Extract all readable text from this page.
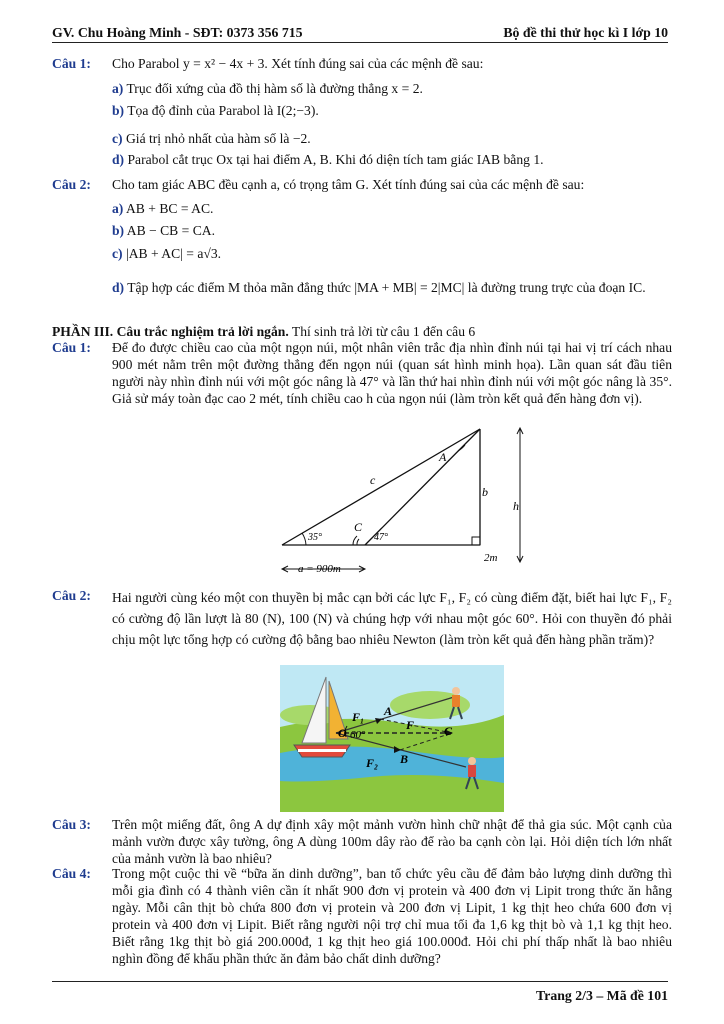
GV. Chu Hoàng Minh - SĐT: 0373 356 715	Bộ đề thi thử học kì I lớp 10
Câu 1:	Cho Parabol y = x² − 4x + 3. Xét tính đúng sai của các mệnh đề sau:
a) Trục đối xứng của đồ thị hàm số là đường thẳng x = 2.
b) Tọa độ đỉnh của Parabol là I(2;−3).
c) Giá trị nhỏ nhất của hàm số là −2.
d) Parabol cắt trục Ox tại hai điểm A, B. Khi đó diện tích tam giác IAB bằng 1.
Câu 2:	Cho tam giác ABC đều cạnh a, có trọng tâm G. Xét tính đúng sai của các mệnh đề sau:
a) AB + BC = AC.
b) AB − CB = CA.
c) |AB + AC| = a√3.
d) Tập hợp các điểm M thỏa mãn đẳng thức |MA + MB| = 2|MC| là đường trung trực của đoạn IC.
PHẦN III. Câu trắc nghiệm trả lời ngắn. Thí sinh trả lời từ câu 1 đến câu 6
Câu 1:	Để đo được chiều cao của một ngọn núi, một nhân viên trắc địa nhìn đỉnh núi tại hai vị trí cách nhau 900 mét nằm trên một đường thẳng đến ngọn núi (quan sát hình minh họa). Lần quan sát đầu tiên người này nhìn đỉnh núi với một góc nâng là 47° và lần thứ hai nhìn đỉnh núi với một góc nâng là 35°. Giả sử máy toàn đạc cao 2 mét, tính chiều cao h của ngọn núi (làm tròn kết quả đến hàng đơn vị).
c
A
b
h
C
35°	47°
a = 900m
2m
Câu 2:	Hai người cùng kéo một con thuyền bị mắc cạn bởi các lực F₁, F₂ có cùng điểm đặt, biết hai lực F₁, F₂ có cường độ lần lượt là 80 (N), 100 (N) và chúng hợp với nhau một góc 60°. Hỏi con thuyền đó phải chịu một lực tổng hợp có cường độ bằng bao nhiêu Newton (làm tròn kết quả đến hàng phần trăm)?
F₁ A
O 60°
F C
B
F₂
Câu 3:	Trên một miếng đất, ông A dự định xây một mảnh vườn hình chữ nhật để thả gia súc. Một cạnh của mảnh vườn được xây tường, ông A dùng 100m dây rào để rào ba cạnh còn lại. Hỏi diện tích lớn nhất của mảnh vườn là bao nhiêu?
Câu 4:	Trong một cuộc thi về “bữa ăn dinh dưỡng”, ban tổ chức yêu cầu để đảm bảo lượng dinh dưỡng thì mỗi gia đình có 4 thành viên cần ít nhất 900 đơn vị protein và 400 đơn vị Lipit trong thức ăn hằng ngày. Mỗi cân thịt bò chứa 800 đơn vị protein và 200 đơn vị Lipit, 1 kg thịt heo chứa 600 đơn vị protein và 400 đơn vị Lipit. Biết rằng người nội trợ chỉ mua tối đa 1,6 kg thịt bò và 1,1 kg thịt heo. Biết rằng 1kg thịt bò giá 200.000đ, 1 kg thịt heo giá 100.000đ. Hỏi chi phí thấp nhất là bao nhiêu nghìn đồng để khẩu phần thức ăn đảm bảo chất dinh dưỡng?
Trang 2/3 – Mã đề 101
